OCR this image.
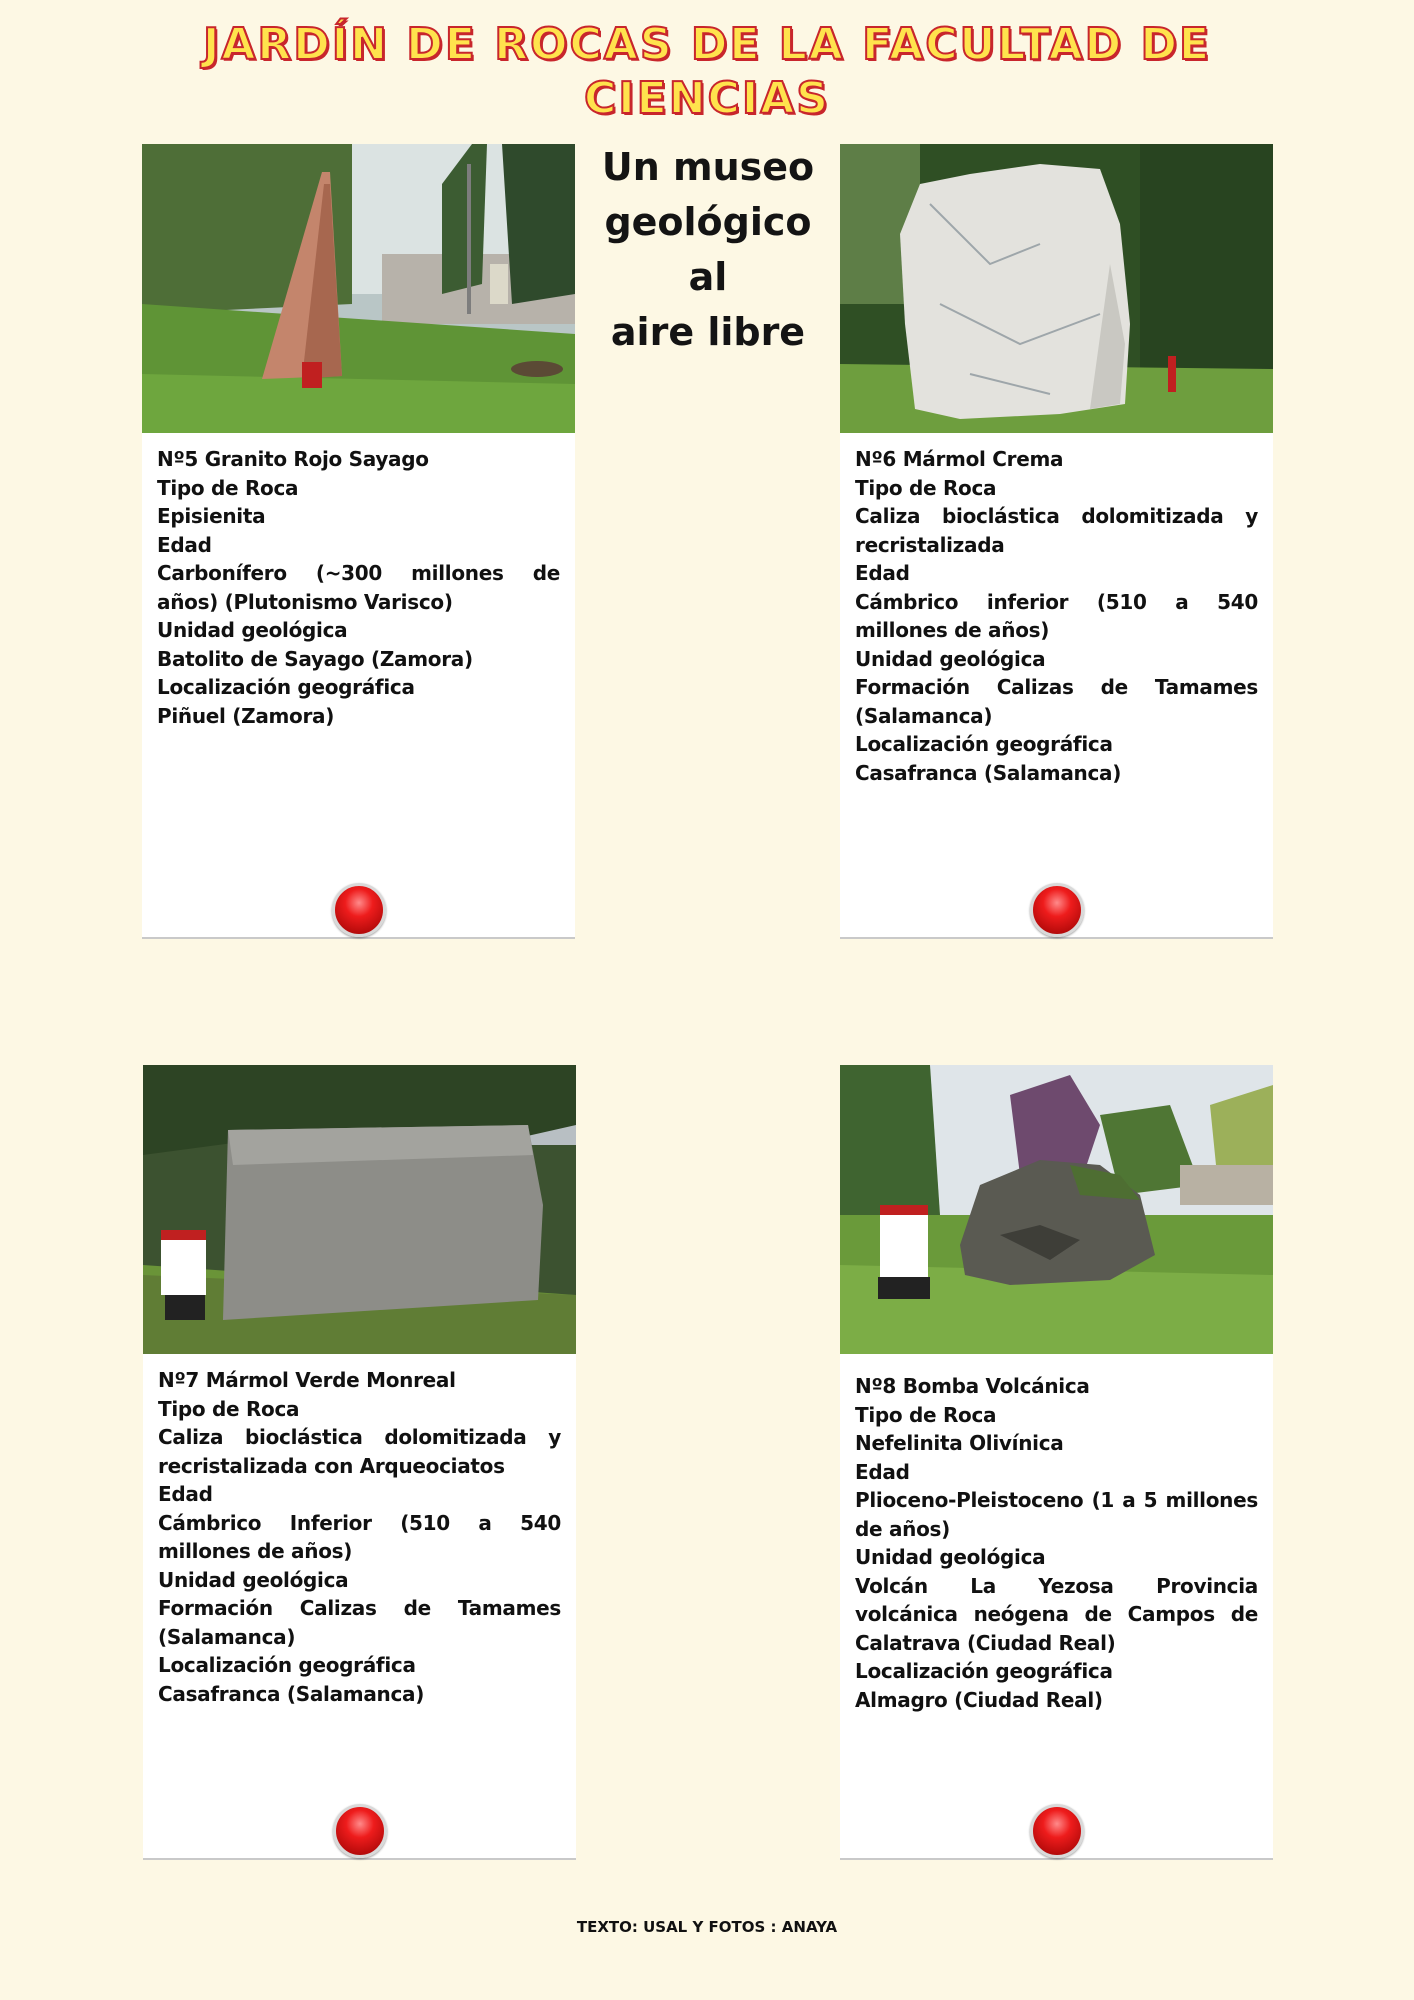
JARDÍN DE ROCAS DE LA FACULTAD DE
CIENCIAS
Un museo
geológico al
aire libre
Nº5 Granito Rojo Sayago
Tipo de Roca
Episienita
Edad
Carbonífero (~300 millones de años) (Plutonismo Varisco)
Unidad geológica
Batolito de Sayago (Zamora)
Localización geográfica
Piñuel (Zamora)
Nº6 Mármol Crema
Tipo de Roca
Caliza bioclástica dolomitizada y recristalizada
Edad
Cámbrico inferior (510 a 540 millones de años)
Unidad geológica
Formación Calizas de Tamames (Salamanca)
Localización geográfica
Casafranca (Salamanca)
Nº7 Mármol Verde Monreal
Tipo de Roca
Caliza bioclástica dolomitizada y recristalizada con Arqueociatos
Edad
Cámbrico Inferior (510 a 540 millones de años)
Unidad geológica
Formación Calizas de Tamames (Salamanca)
Localización geográfica
Casafranca (Salamanca)
Nº8 Bomba Volcánica
Tipo de Roca
Nefelinita Olivínica
Edad
Plioceno-Pleistoceno (1 a 5 millones de años)
Unidad geológica
Volcán La Yezosa Provincia volcánica neógena de Campos de Calatrava (Ciudad Real)
Localización geográfica
Almagro (Ciudad Real)
TEXTO: USAL Y FOTOS : ANAYA
